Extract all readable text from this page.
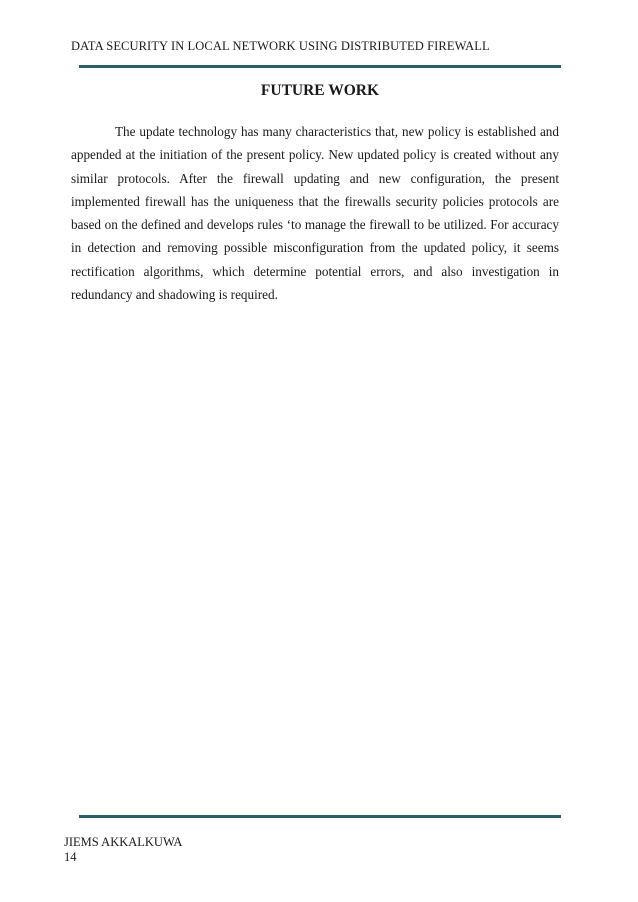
DATA SECURITY IN LOCAL NETWORK USING DISTRIBUTED FIREWALL
FUTURE WORK

The update technology has many characteristics that, new policy is established and appended at the initiation of the present policy. New updated policy is created without any similar protocols. After the firewall updating and new configuration, the present implemented firewall has the uniqueness that the firewalls security policies protocols are based on the defined and develops rules ‘to manage the firewall to be utilized. For accuracy in detection and removing possible misconfiguration from the updated policy, it seems rectification algorithms, which determine potential errors, and also investigation in redundancy and shadowing is required.

JIEMS AKKALKUWA
14
